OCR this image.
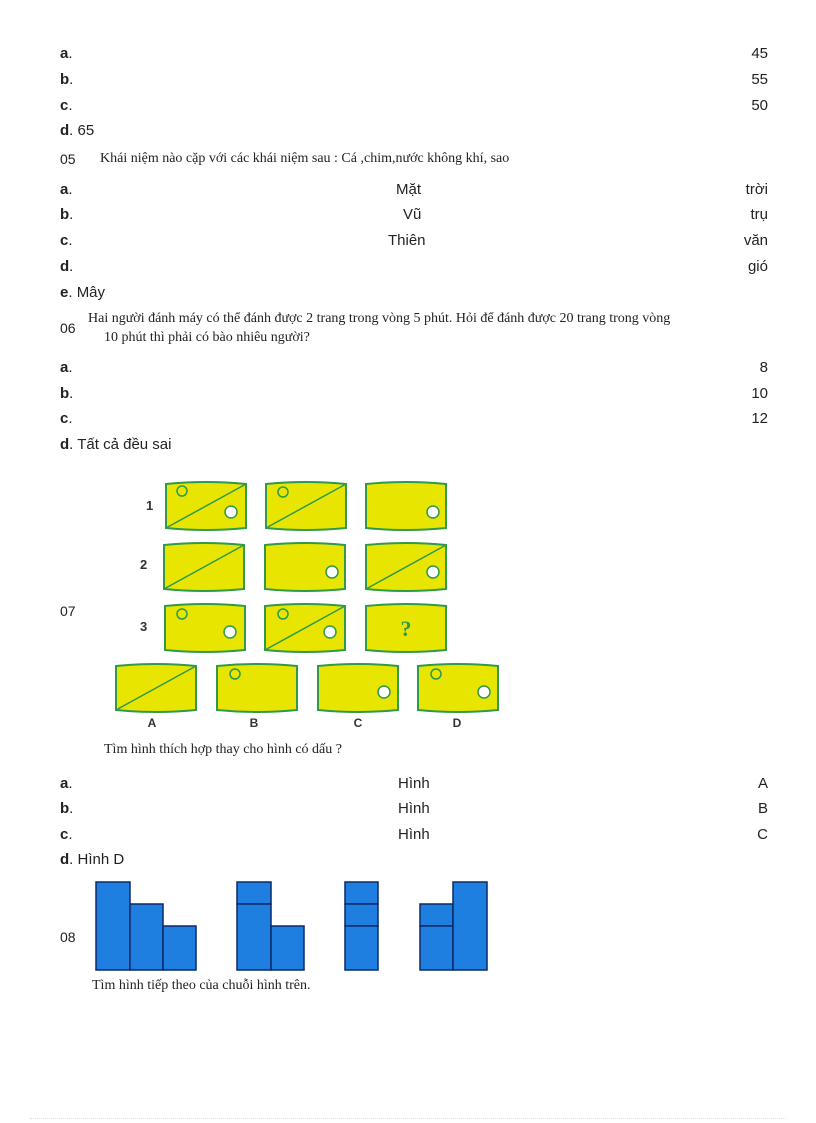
a.	45
b.	55
c.	50
d. 65
05 Khái niệm nào cặp với các khái niệm sau : Cá ,chim,nước không khí, sao
a.	Mặt	trời
b.	Vũ	trụ
c.	Thiên	văn
d.	gió
e. Mây
06
Hai người đánh máy có thể đánh được 2 trang trong vòng 5 phút. Hỏi để đánh được 20 trang trong vòng
10 phút thì phải có bào nhiêu người?
a.	8
b.	10
c.	12
d. Tất cả đều sai
07
1
2
3	?
A	B	C	D
Tìm hình thích hợp thay cho hình có dấu ?
a.	Hình	A
b.	Hình	B
c.	Hình	C
d. Hình D
08
Tìm hình tiếp theo của chuỗi hình trên.
